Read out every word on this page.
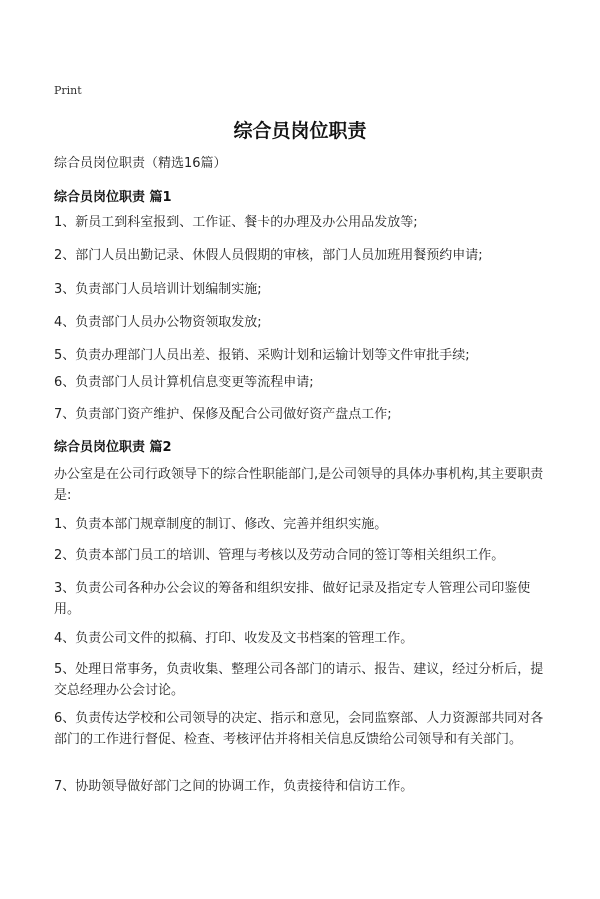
Print
综合员岗位职责
综合员岗位职责（精选16篇）
综合员岗位职责 篇1
1、新员工到科室报到、工作证、餐卡的办理及办公用品发放等;
2、部门人员出勤记录、休假人员假期的审核，部门人员加班用餐预约申请;
3、负责部门人员培训计划编制实施;
4、负责部门人员办公物资领取发放;
5、负责办理部门人员出差、报销、采购计划和运输计划等文件审批手续;
6、负责部门人员计算机信息变更等流程申请;
7、负责部门资产维护、保修及配合公司做好资产盘点工作;
综合员岗位职责 篇2
办公室是在公司行政领导下的综合性职能部门,是公司领导的具体办事机构,其主要职责是:
1、负责本部门规章制度的制订、修改、完善并组织实施。
2、负责本部门员工的培训、管理与考核以及劳动合同的签订等相关组织工作。
3、负责公司各种办公会议的筹备和组织安排、做好记录及指定专人管理公司印鉴使用。
4、负责公司文件的拟稿、打印、收发及文书档案的管理工作。
5、处理日常事务，负责收集、整理公司各部门的请示、报告、建议，经过分析后，提交总经理办公会讨论。
6、负责传达学校和公司领导的决定、指示和意见，会同监察部、人力资源部共同对各部门的工作进行督促、检查、考核评估并将相关信息反馈给公司领导和有关部门。
7、协助领导做好部门之间的协调工作，负责接待和信访工作。
